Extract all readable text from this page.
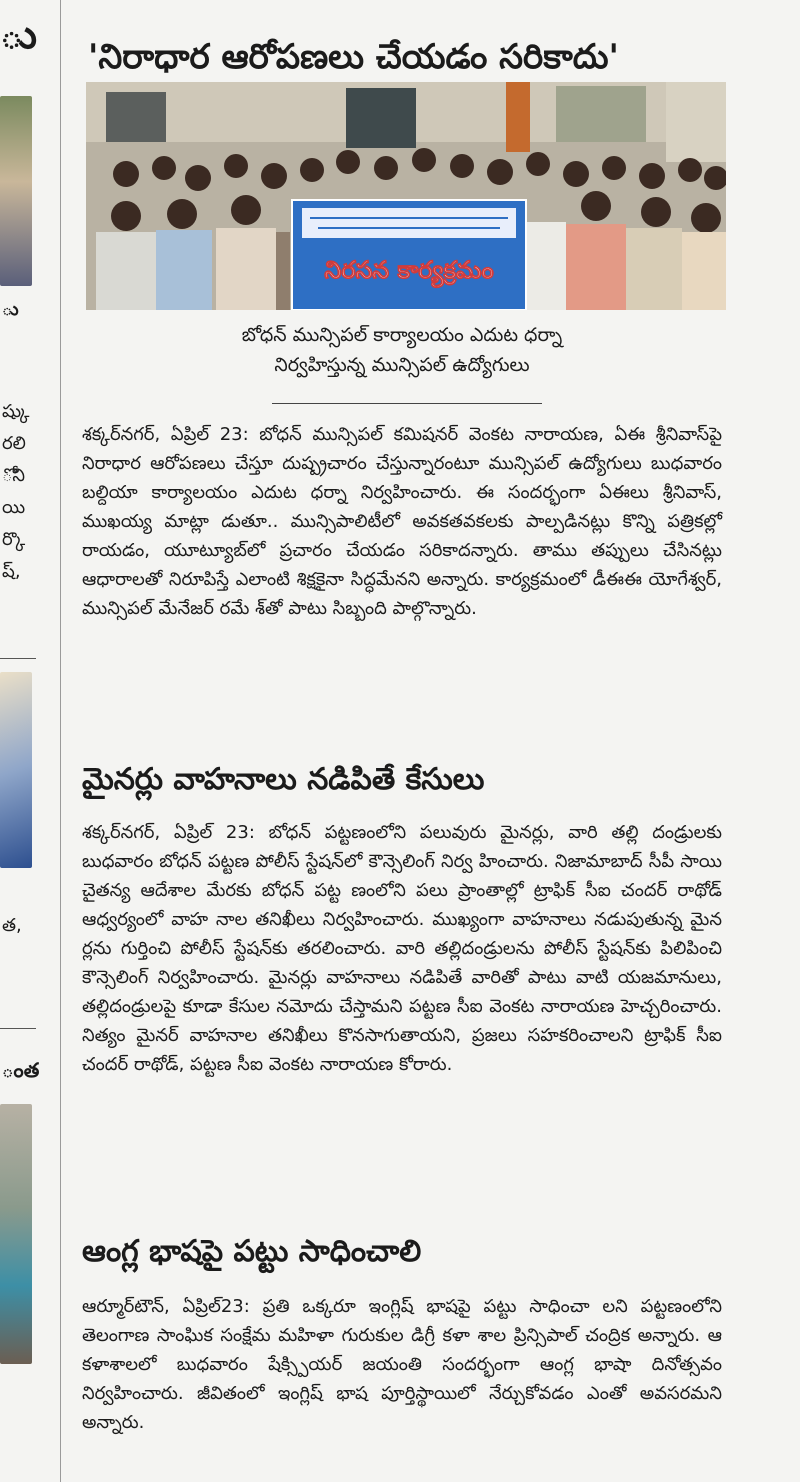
ు
ు
ష్కు
రలి
ోని
యి
ర్కొ
ష్,
త,
ంత
'నిరాధార ఆరోపణలు చేయడం సరికాదు'
నిరసన కార్యక్రమం
బోధన్ మున్సిపల్ కార్యాలయం ఎదుట ధర్నా
నిర్వహిస్తున్న మున్సిపల్ ఉద్యోగులు

శక్కర్‌నగర్, ఏప్రిల్ 23: బోధన్ మున్సిపల్ కమిషనర్ వెంకట నారాయణ, ఏఈ శ్రీనివాస్‌పై నిరాధార ఆరోపణలు చేస్తూ దుష్ప్రచారం చేస్తున్నారంటూ మున్సిపల్ ఉద్యోగులు బుధవారం బల్దియా కార్యాలయం ఎదుట ధర్నా నిర్వహించారు. ఈ సందర్భంగా ఏఈలు శ్రీనివాస్, ముఖయ్య మాట్లా డుతూ.. మున్సిపాలిటీలో అవకతవకలకు పాల్పడినట్లు కొన్ని పత్రికల్లో రాయడం, యూట్యూబ్‌లో ప్రచారం చేయడం సరికాదన్నారు. తాము తప్పులు చేసినట్లు ఆధారాలతో నిరూపిస్తే ఎలాంటి శిక్షకైనా సిద్ధమేనని అన్నారు. కార్యక్రమంలో డీఈఈ యోగేశ్వర్, మున్సిపల్ మేనేజర్ రమే శ్‌తో పాటు సిబ్బంది పాల్గొన్నారు.

మైనర్లు వాహనాలు నడిపితే కేసులు

శక్కర్‌నగర్, ఏప్రిల్ 23: బోధన్ పట్టణంలోని పలువురు మైనర్లు, వారి తల్లి దండ్రులకు బుధవారం బోధన్ పట్టణ పోలీస్ స్టేషన్‌లో కౌన్సెలింగ్ నిర్వ హించారు. నిజామాబాద్ సీపీ సాయి చైతన్య ఆదేశాల మేరకు బోధన్ పట్ట ణంలోని పలు ప్రాంతాల్లో ట్రాఫిక్ సీఐ చందర్ రాథోడ్ ఆధ్వర్యంలో వాహ నాల తనిఖీలు నిర్వహించారు. ముఖ్యంగా వాహనాలు నడుపుతున్న మైన ర్లను గుర్తించి పోలీస్ స్టేషన్‌కు తరలించారు. వారి తల్లిదండ్రులను పోలీస్ స్టేషన్‌కు పిలిపించి కౌన్సెలింగ్ నిర్వహించారు. మైనర్లు వాహనాలు నడిపితే వారితో పాటు వాటి యజమానులు, తల్లిదండ్రులపై కూడా కేసుల నమోదు చేస్తామని పట్టణ సీఐ వెంకట నారాయణ హెచ్చరించారు. నిత్యం మైనర్ వాహనాల తనిఖీలు కొనసాగుతాయని, ప్రజలు సహకరించాలని ట్రాఫిక్ సీఐ చందర్ రాథోడ్, పట్టణ సీఐ వెంకట నారాయణ కోరారు.

ఆంగ్ల భాషపై పట్టు సాధించాలి

ఆర్మూర్‌టౌన్, ఏప్రిల్23: ప్రతి ఒక్కరూ ఇంగ్లిష్ భాషపై పట్టు సాధించా లని పట్టణంలోని తెలంగాణ సాంఘిక సంక్షేమ మహిళా గురుకుల డిగ్రీ కళా శాల ప్రిన్సిపాల్ చంద్రిక అన్నారు. ఆ కళాశాలలో బుధవారం షేక్స్పియర్ జయంతి సందర్భంగా ఆంగ్ల భాషా దినోత్సవం నిర్వహించారు. జీవితంలో ఇంగ్లిష్ భాష పూర్తిస్థాయిలో నేర్చుకోవడం ఎంతో అవసరమని అన్నారు.
